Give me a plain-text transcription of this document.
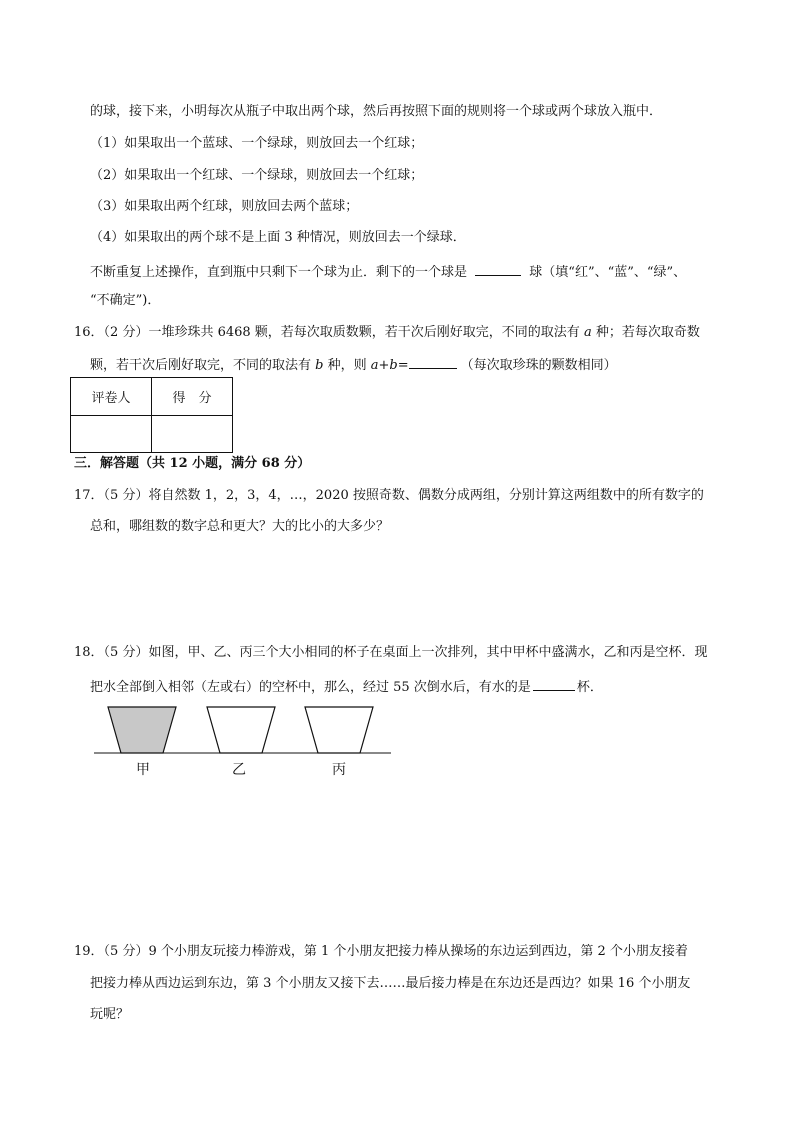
的球，接下来，小明每次从瓶子中取出两个球，然后再按照下面的规则将一个球或两个球放入瓶中．
（1）如果取出一个蓝球、一个绿球，则放回去一个红球；
（2）如果取出一个红球、一个绿球，则放回去一个红球；
（3）如果取出两个红球，则放回去两个蓝球；
（4）如果取出的两个球不是上面 3 种情况，则放回去一个绿球．
不断重复上述操作，直到瓶中只剩下一个球为止．剩下的一个球是	球（填“红”、“蓝”、“绿”、
“不确定”)．
16．（2 分）一堆珍珠共 6468 颗，若每次取质数颗，若干次后刚好取完，不同的取法有 a 种；若每次取奇数
颗，若干次后刚好取完，不同的取法有 b 种，则 a+b=	（每次取珍珠的颗数相同）
评卷人	得　分

三．解答题（共 12 小题，满分 68 分）
17．（5 分）将自然数 1，2，3，4，…，2020 按照奇数、偶数分成两组，分别计算这两组数中的所有数字的
总和，哪组数的数字总和更大？大的比小的大多少？
18．（5 分）如图，甲、乙、丙三个大小相同的杯子在桌面上一次排列，其中甲杯中盛满水，乙和丙是空杯．现
把水全部倒入相邻（左或右）的空杯中，那么，经过 55 次倒水后，有水的是	杯．
甲	乙	丙
19．（5 分）9 个小朋友玩接力棒游戏，第 1 个小朋友把接力棒从操场的东边运到西边，第 2 个小朋友接着
把接力棒从西边运到东边，第 3 个小朋友又接下去……最后接力棒是在东边还是西边？如果 16 个小朋友
玩呢？
